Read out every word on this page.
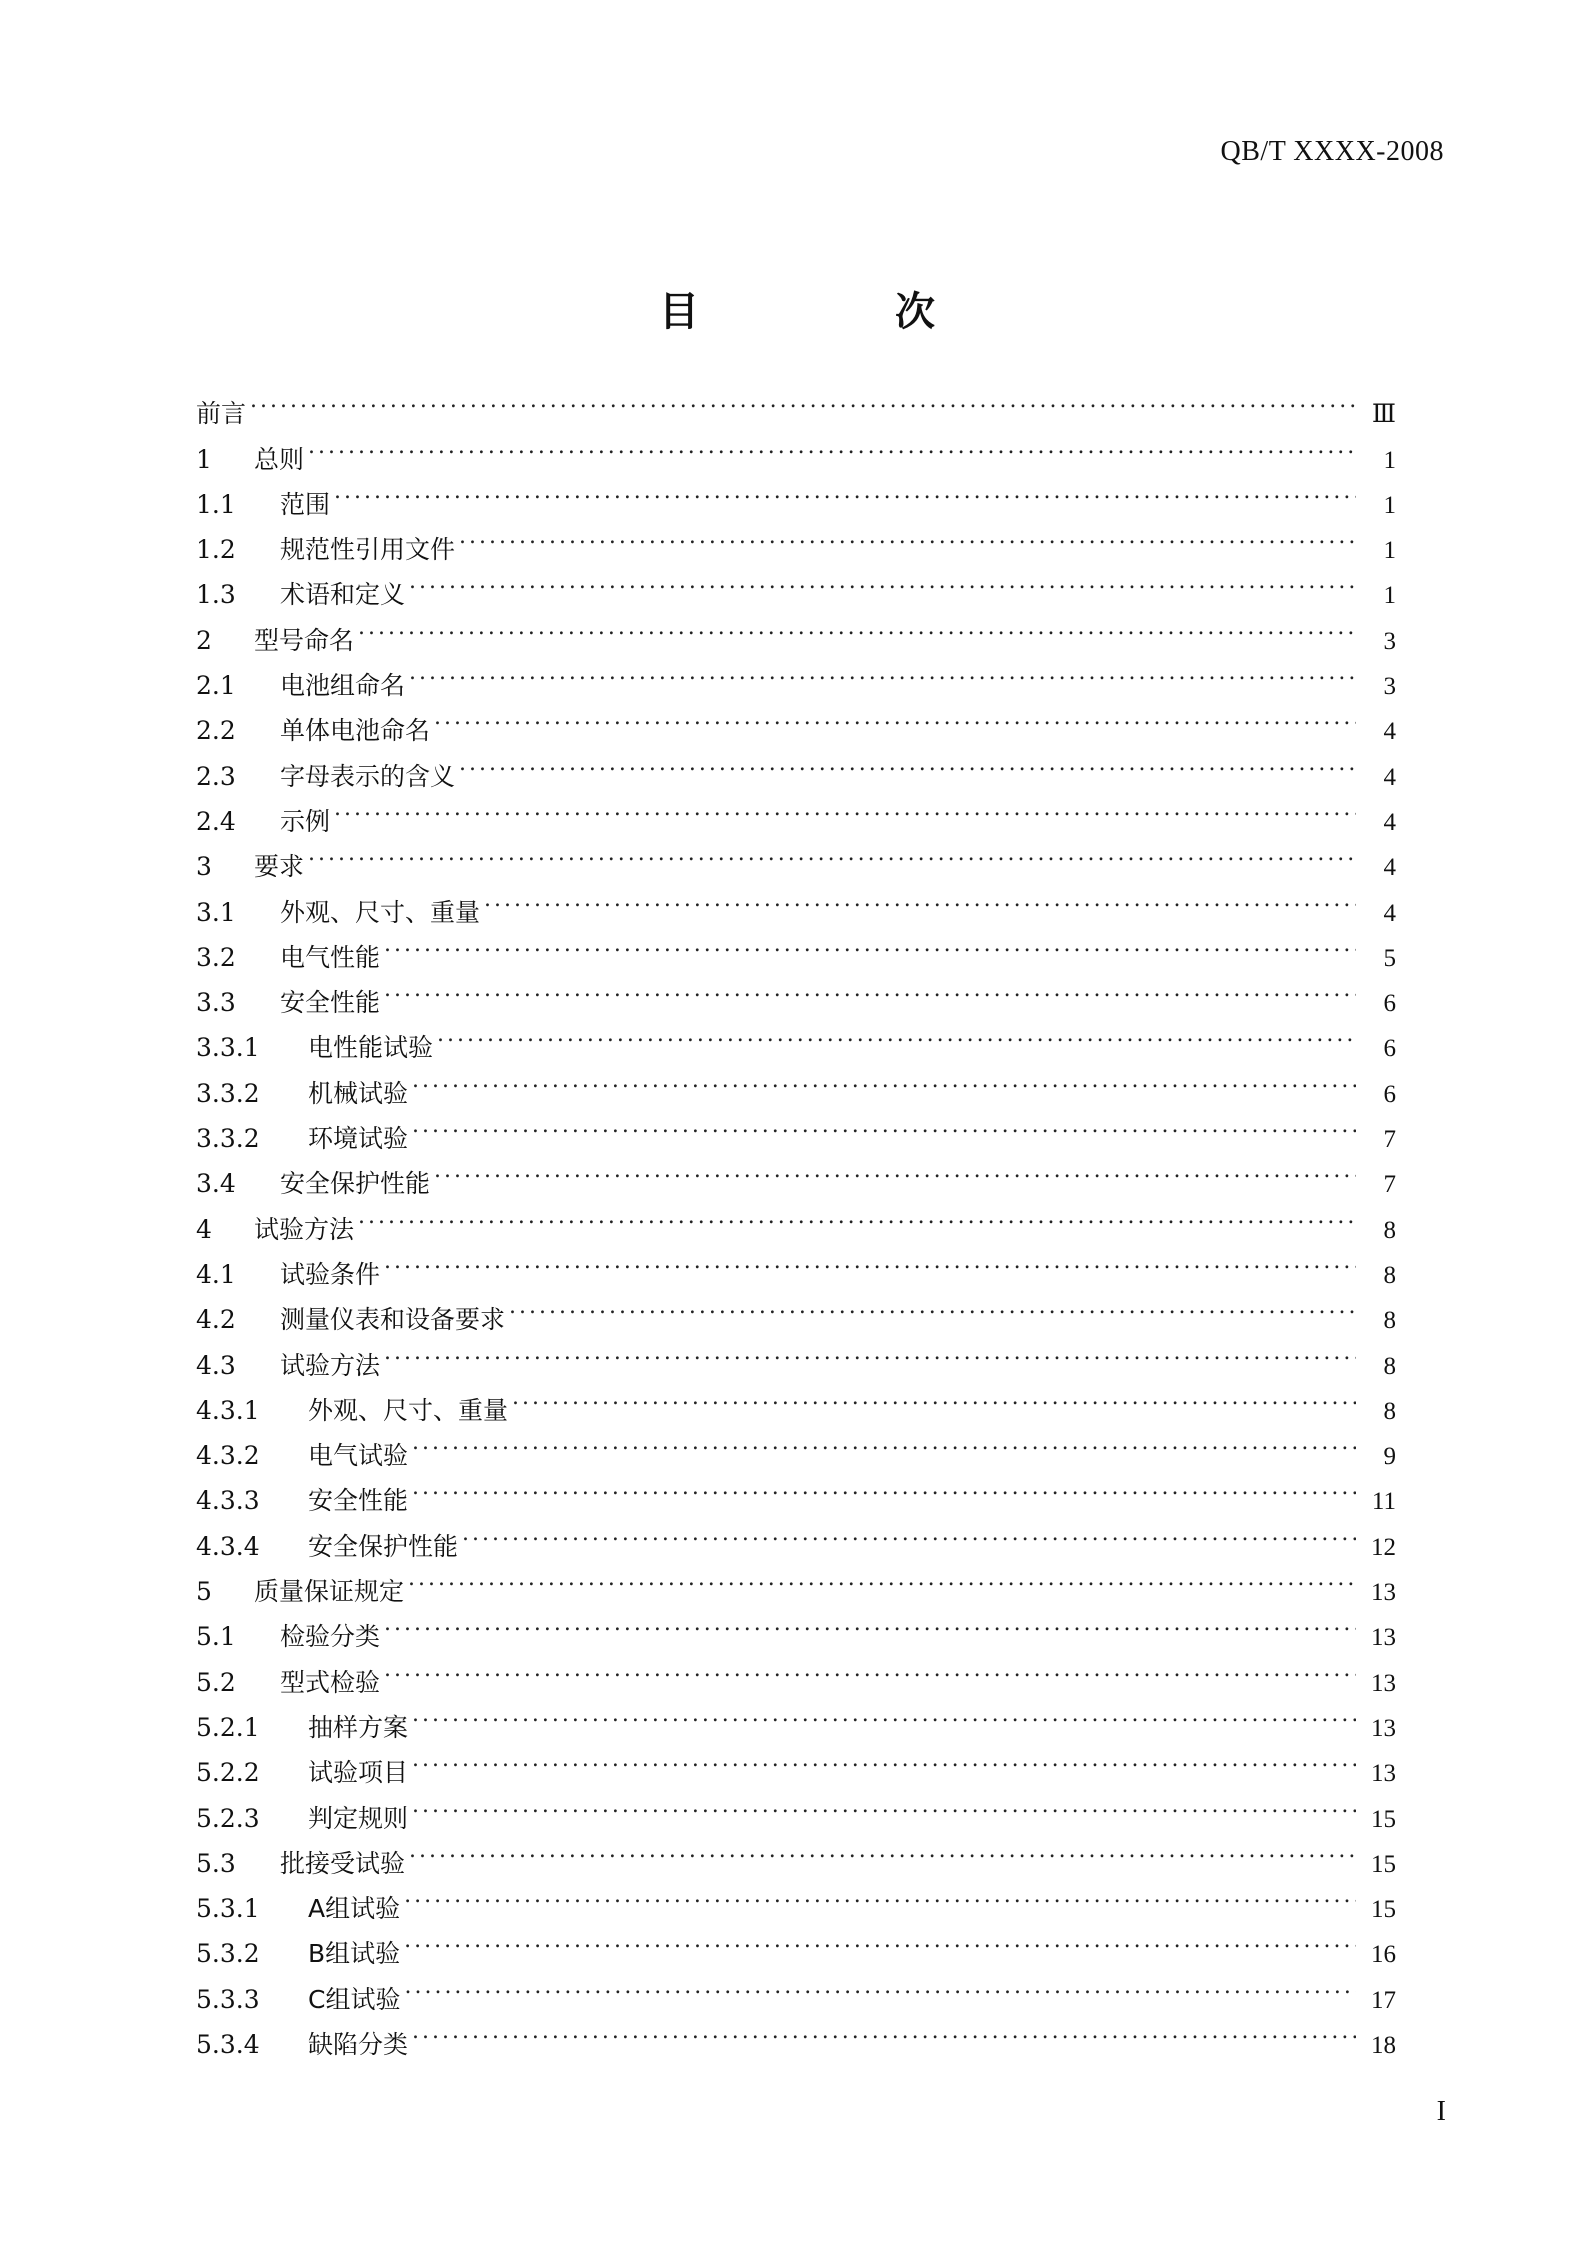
QB/T XXXX-2008
目　次
前言 .....	Ⅲ
1	总则 .....	1
1.1	范围 .....	1
1.2	规范性引用文件 .....	1
1.3	术语和定义 .....	1
2	型号命名 .....	3
2.1	电池组命名 .....	3
2.2	单体电池命名 .....	4
2.3	字母表示的含义 .....	4
2.4	示例 .....	4
3	要求 .....	4
3.1	外观、尺寸、重量 .....	4
3.2	电气性能 .....	5
3.3	安全性能 .....	6
3.3.1	电性能试验 .....	6
3.3.2	机械试验 .....	6
3.3.2	环境试验 .....	7
3.4	安全保护性能 .....	7
4	试验方法 .....	8
4.1	试验条件 .....	8
4.2	测量仪表和设备要求 .....	8
4.3	试验方法 .....	8
4.3.1	外观、尺寸、重量 .....	8
4.3.2	电气试验 .....	9
4.3.3	安全性能 .....	11
4.3.4	安全保护性能 .....	12
5	质量保证规定 .....	13
5.1	检验分类 .....	13
5.2	型式检验 .....	13
5.2.1	抽样方案 .....	13
5.2.2	试验项目 .....	13
5.2.3	判定规则 .....	15
5.3	批接受试验 .....	15
5.3.1	A组试验 .....	15
5.3.2	B组试验 .....	16
5.3.3	C组试验 .....	17
5.3.4	缺陷分类 .....	18
I
